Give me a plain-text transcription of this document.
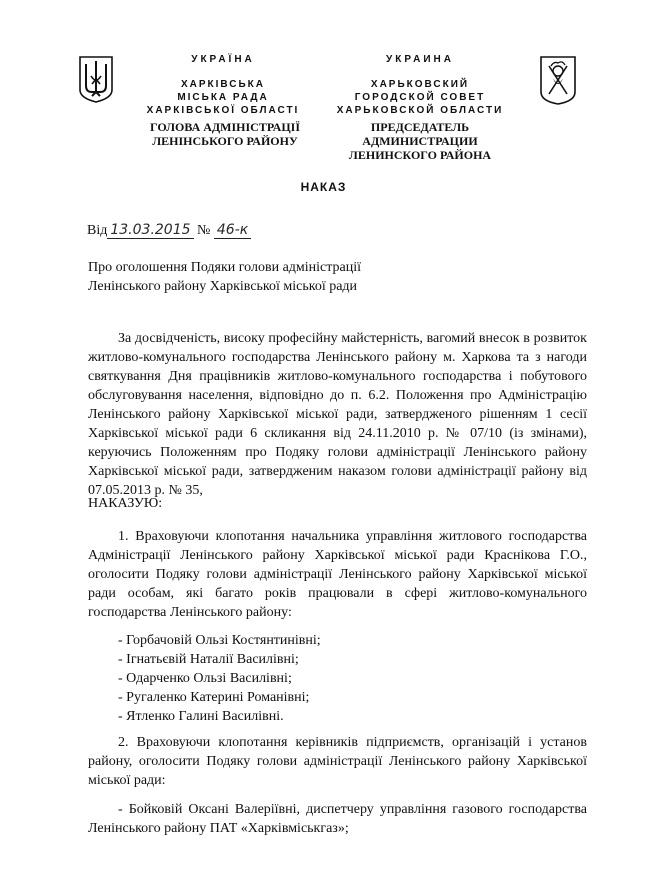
УКРАЇНА
ХАРКІВСЬКА
МІСЬКА РАДА
ХАРКІВСЬКОЇ ОБЛАСТІ
УКРАИНА
ХАРЬКОВСКИЙ
ГОРОДСКОЙ СОВЕТ
ХАРЬКОВСКОЙ ОБЛАСТИ
ГОЛОВА АДМІНІСТРАЦІЇ
ЛЕНІНСЬКОГО РАЙОНУ
ПРЕДСЕДАТЕЛЬ АДМИНИСТРАЦИИ
ЛЕНИНСКОГО РАЙОНА
НАКАЗ
Від 13.03.2015 № 46-к
Про оголошення Подяки голови адміністрації Ленінського району Харківської міської ради
За досвідченість, високу професійну майстерність, вагомий внесок в розвиток житлово-комунального господарства Ленінського району м. Харкова та з нагоди святкування Дня працівників житлово-комунального господарства і побутового обслуговування населення, відповідно до п. 6.2. Положення про Адміністрацію Ленінського району Харківської міської ради, затвердженого рішенням 1 сесії Харківської міської ради 6 скликання від 24.11.2010 р. № 07/10 (із змінами), керуючись Положенням про Подяку голови адміністрації Ленінського району Харківської міської ради, затвердженим наказом голови адміністрації району від 07.05.2013 р. № 35,
НАКАЗУЮ:
1. Враховуючи клопотання начальника управління житлового господарства Адміністрації Ленінського району Харківської міської ради Краснікова Г.О., оголосити Подяку голови адміністрації Ленінського району Харківської міської ради особам, які багато років працювали в сфері житлово-комунального господарства Ленінського району:
- Горбачовій Ользі Костянтинівні;
- Ігнатьєвій Наталії Василівні;
- Одарченко Ользі Василівні;
- Ругаленко Катерині Романівні;
- Ятленко Галині Василівні.
2. Враховуючи клопотання керівників підприємств, організацій і установ району, оголосити Подяку голови адміністрації Ленінського району Харківської міської ради:
- Бойковій Оксані Валеріївні, диспетчеру управління газового господарства Ленінського району ПАТ «Харківміськгаз»;
